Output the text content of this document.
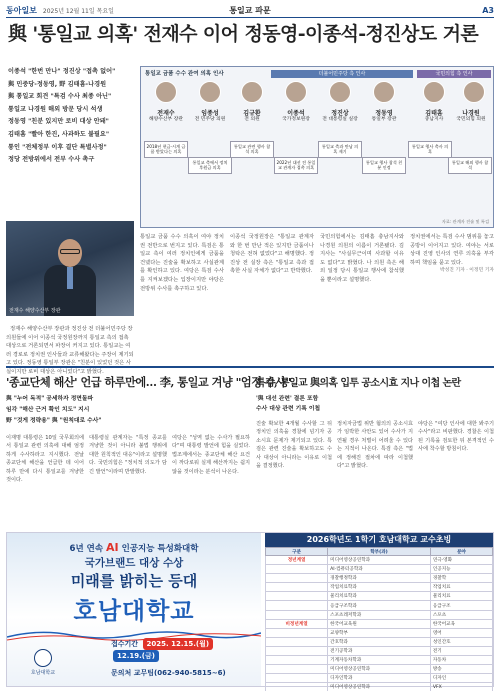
동아일보 2025년 12월 11일 목요일	통일교 파문	A3
與 '통일교 의혹' 전재수 이어 정동영-이종석-정진상도 거론
이종석 "한번 만나" 정진상 "접촉 없어"
與 민중당-정동영, 野 김태흠-나경원
與 통일교 회견 "특검 수사 최종 아닌"
통일교 나경원 해외 방문 당시 석생
정동영 "친분 있지만 로비 대상 안돼"
김태흠 "빨아 한진, 사과하도 불필요"
통인 "전체정부 이후 결단 특별사정"
정당 전방위에서 전부 수사 촉구
전재수 해양수산부 장관

정재수 해양수산부 장관과 정진상 전 더불어민주당 장의원들에 이어 이종석 국정원장까지 통일교 측의 접촉 대상으로 거론되면서 파장이 커지고 있다. 통일교는 여러 경로로 정치권 인사들과 교류해왔다는 주장이 제기되고 있다. 정동영 통일부 장관은 "친분이 있었던 것은 사실이지만 로비 대상은 아니었다"고 밝혔다.

통일교 금품 수수 관여 의혹 인사	더불어민주당 측 인사	국민의힘 측 인사
전재수
해양수산부 장관
임종성
전 민주당 의원
김규환
전 의원
이종석
국가정보원장
정진상
전 대통령실 실장
정동영
통일부 장관
김태흠
충남지사
나경원
국민의힘 의원
2018년 현금·시계 금품 받았다는 의혹
통일교 측에서 정치 후원금 의혹
통일교 관련 행사 참석 의혹
2022년 대선 전 통일교 관계자 접촉 의혹
통일교 측과 만남 의혹 제기
통일교 행사 참석 친분 인정
통일교 행사 축사 의혹
통일교 해외 행사 참석
자료: 관계자 진술 및 특검
통일교 금품 수수 의혹이 여야 정치권 전반으로 번지고 있다. 특검은 통일교 측이 여러 정치인에게 금품을 건넸다는 진술을 확보하고 사실관계를 확인하고 있다. 여당은 특검 수사를 지켜보겠다는 입장이지만 야당은 전방위 수사를 촉구하고 있다.
이종석 국정원장은 "통일교 관계자와 한 번 만난 적은 있지만 금품이나 청탁은 전혀 없었다"고 해명했다. 정진상 전 실장 측은 "통일교 측과 접촉한 사실 자체가 없다"고 반박했다.
국민의힘에서는 김태흠 충남지사와 나경원 의원의 이름이 거론됐다. 김 지사는 "사실무근이며 사과할 이유도 없다"고 밝혔다. 나 의원 측은 해외 일정 당시 통일교 행사에 참석했을 뿐이라고 설명했다.
정치권에서는 특검 수사 범위를 놓고 공방이 이어지고 있다. 여야는 서로 상대 진영 인사의 연루 의혹을 부각하며 책임을 묻고 있다.
박성진 기자 · 이정민 기자
'종교단체 해산' 언급 하루만에… 李, 통일교 겨냥 "엄정 수사"
與 "누어 독적" 공세하자 정면돌파
임각 "해산 근거 확인 치도" 지시
野 "것게 정략용" 與 "원칙대로 수사"
이재명 대통령은 10일 국무회의에서 통일교 관련 의혹에 대해 엄정하게 수사하라고 지시했다. 전날 종교단체 해산을 언급한 데 이어 하루 만에 다시 통일교를 겨냥한 것이다.
대통령실 관계자는 "특정 종교를 겨냥한 것이 아니라 불법 행위에 대한 원칙적인 대응"이라고 설명했다. 국민의힘은 "정치적 의도가 담긴 발언"이라며 반발했다.
여당은 "성역 없는 수사가 필요하다"며 대통령 발언에 힘을 실었다. 법조계에서는 종교단체 해산 요건이 까다로워 실제 해산까지는 쉽지 않을 것이라는 분석이 나온다.
특검, 통일교 與의혹 입투 공소시효 지나 이첩 논란
'與 대선 관련' 결론 포함
수사 대상 관련 기록 이첩
진술 확보한 4개월 수사할 그 뒤 정치인 의혹을 경찰에 넘기자 공소시효 문제가 제기되고 있다. 특검은 관련 진술을 확보하고도 수사 대상이 아니라는 이유로 이첩을 결정했다.
정치자금법 위반 혐의의 공소시효가 임박한 사안도 있어 수사가 지연될 경우 처벌이 어려울 수 있다는 지적이 나온다. 특검 측은 "법에 정해진 절차에 따라 이첩했다"고 밝혔다.
야당은 "여당 인사에 대한 봐주기 수사"라고 비판했다. 경찰은 이첩된 기록을 검토한 뒤 본격적인 수사에 착수할 방침이다.
6년 연속 AI 인공지능 특성화대학
국가브랜드 대상 수상
미래를 밝히는 등대
호남대학교
호남대학교
접수기간 2025. 12.15.(월) 12.19.(금)
문의처 교무팀(062-940-5815~6)
2026학년도 1학기 호남대학교 교수초빙
구분	학부(과)	분야
정년계열	미디어영상공연학과	연극·영화
	AI·컴퓨터공학과	인공지능
	경찰행정학과	경찰학
	작업치료학과	작업치료
	물리치료학과	물리치료
	응급구조학과	응급구조
	스포츠레저학과	스포츠
비정년계열	한국어교육원	한국어교육
	교양학부	영어
	간호학과	성인간호
	전기공학과	전기
	기계자동차학과	자동차
	미디어영상공연학과	방송
	디자인학과	디자인
	미디어영상공연학과	VFX
